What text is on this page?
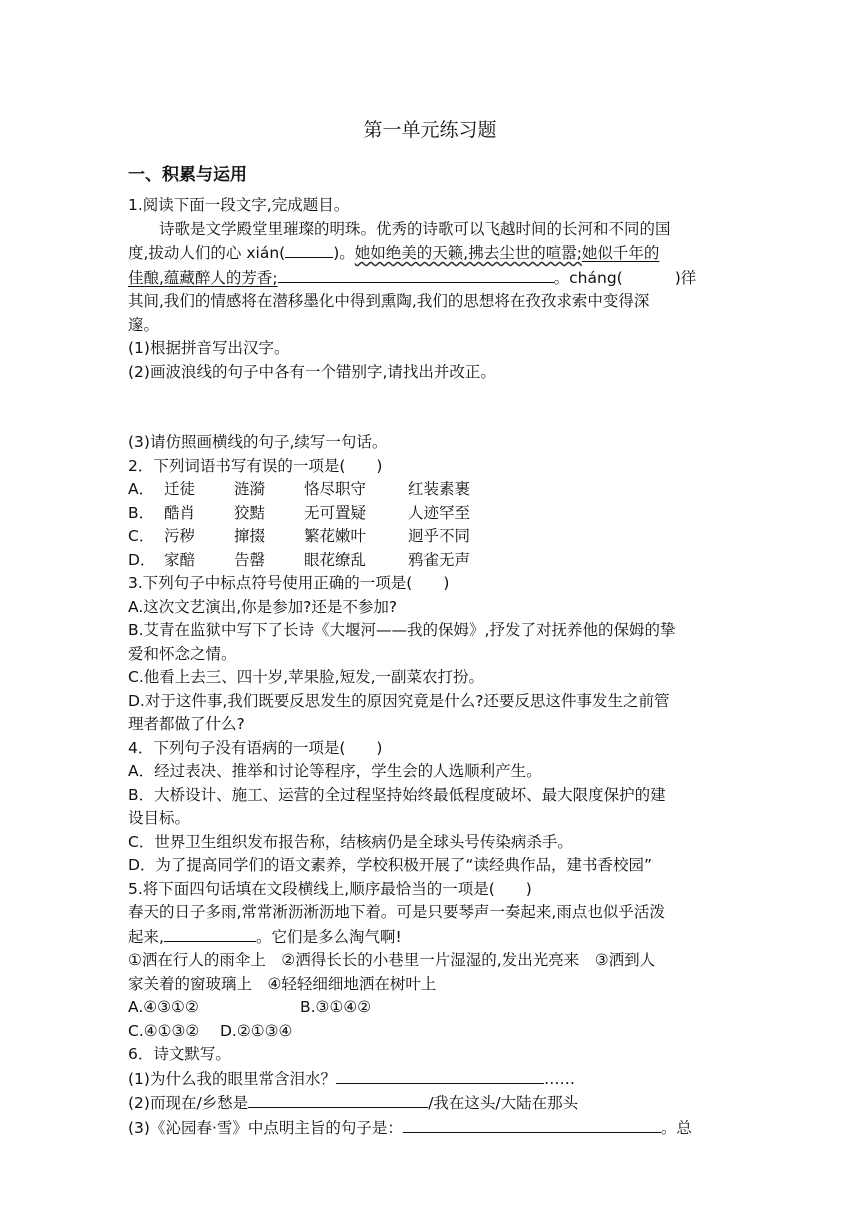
第一单元练习题
一、积累与运用
1.阅读下面一段文字,完成题目。
诗歌是文学殿堂里璀璨的明珠。优秀的诗歌可以飞越时间的长河和不同的国
度,拔动人们的心 xián(	)。她如绝美的天籁,拂去尘世的喧嚣;她似千年的
佳酿,蕴藏醉人的芳香;	。cháng(	)徉
其间,我们的情感将在潜移墨化中得到熏陶,我们的思想将在孜孜求索中变得深
邃。
(1)根据拼音写出汉字。
(2)画波浪线的句子中各有一个错别字,请找出并改正。
(3)请仿照画横线的句子,续写一句话。
2．下列词语书写有误的一项是(　　)
A． 迁徒	涟漪	恪尽职守	红装素裹
B． 酷肖	狡黠	无可置疑	人迹罕至
C． 污秽	撺掇	繁花嫩叶	迥乎不同
D． 家醅	告罄	眼花缭乱	鸦雀无声
3.下列句子中标点符号使用正确的一项是(　　)
A.这次文艺演出,你是参加?还是不参加?
B.艾青在监狱中写下了长诗《大堰河——我的保姆》,抒发了对抚养他的保姆的挚
爱和怀念之情。
C.他看上去三、四十岁,苹果脸,短发,一副菜农打扮。
D.对于这件事,我们既要反思发生的原因究竟是什么?还要反思这件事发生之前管
理者都做了什么?
4．下列句子没有语病的一项是(　　)
A．经过表决、推举和讨论等程序，学生会的人选顺利产生。
B．大桥设计、施工、运营的全过程坚持始终最低程度破坏、最大限度保护的建
设目标。
C．世界卫生组织发布报告称，结核病仍是全球头号传染病杀手。
D．为了提高同学们的语文素养，学校积极开展了“读经典作品，建书香校园”
5.将下面四句话填在文段横线上,顺序最恰当的一项是(　　)
春天的日子多雨,常常淅沥淅沥地下着。可是只要琴声一奏起来,雨点也似乎活泼
起来,	。它们是多么淘气啊!
①洒在行人的雨伞上　②洒得长长的小巷里一片湿湿的,发出光亮来　③洒到人
家关着的窗玻璃上　④轻轻细细地洒在树叶上
A.④③①②	B.③①④②
C.④①③②	D.②①③④
6．诗文默写。
(1)为什么我的眼里常含泪水？	……
(2)而现在/乡愁是	/我在这头/大陆在那头
(3)《沁园春·雪》中点明主旨的句子是：	。总
